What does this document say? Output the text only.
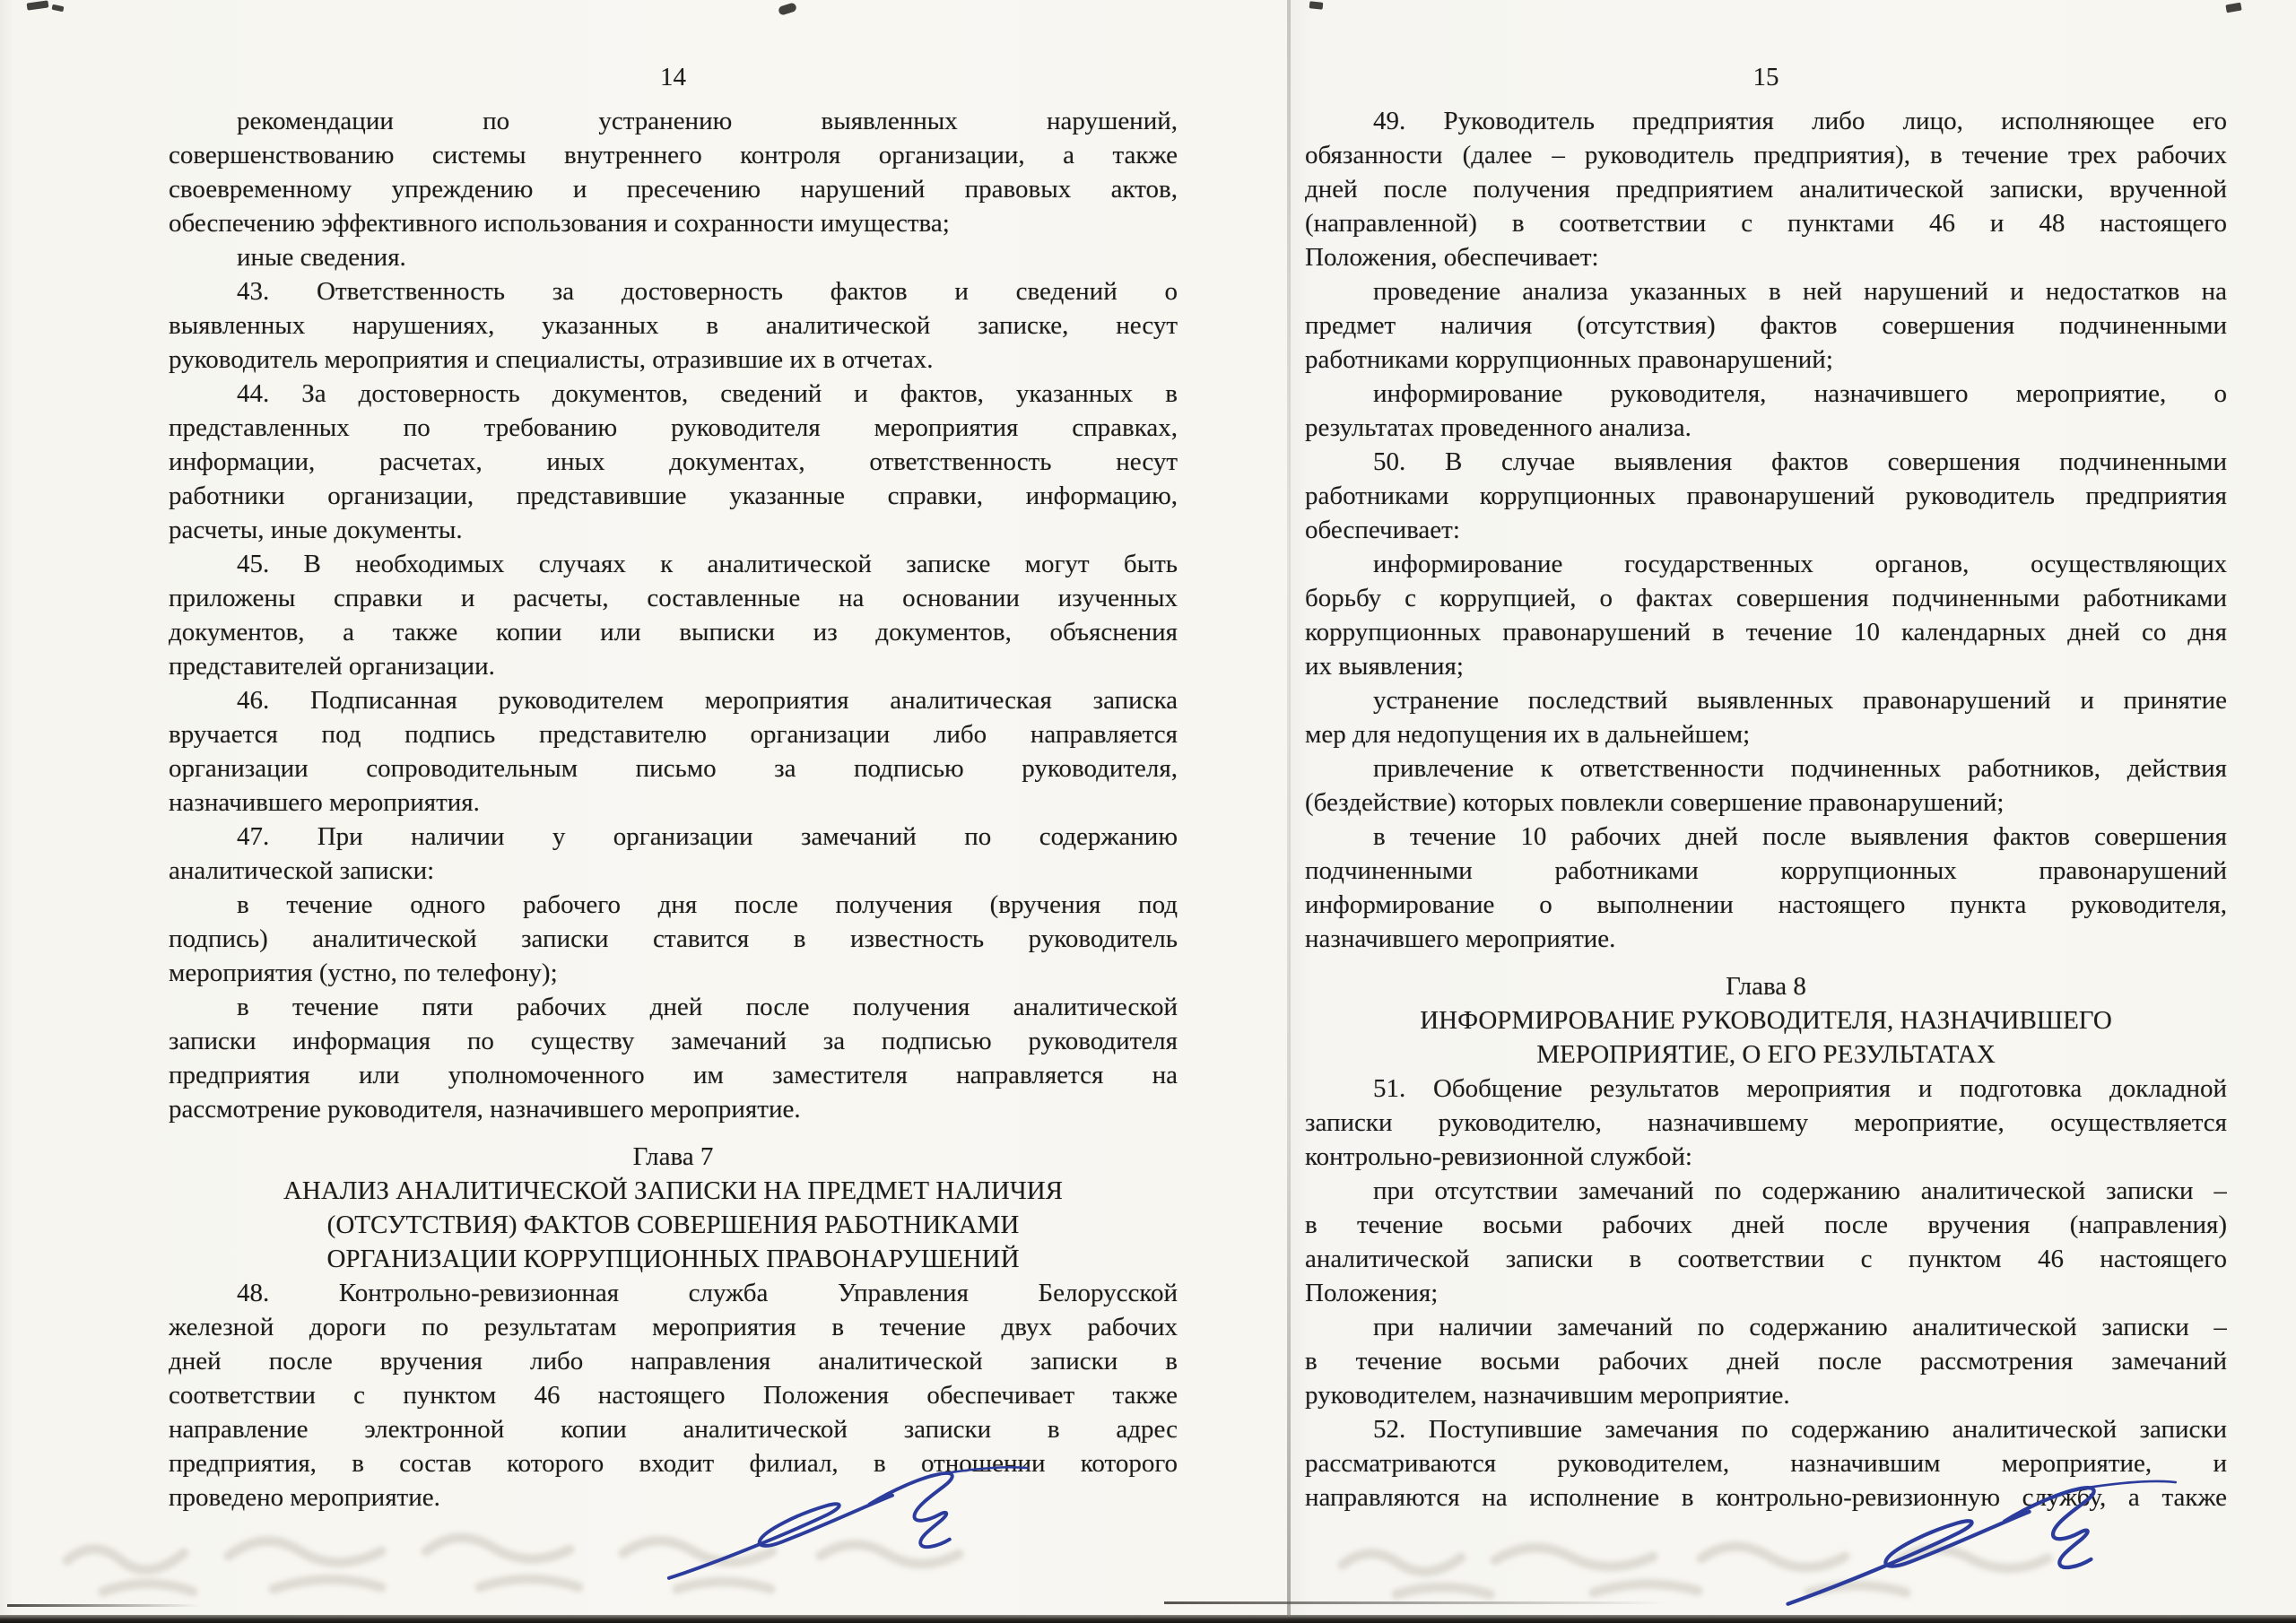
14
рекомендации по устранению выявленных нарушений,
совершенствованию системы внутреннего контроля организации, а также
своевременному упреждению и пресечению нарушений правовых актов,
обеспечению эффективного использования и сохранности имущества;
иные сведения.
43. Ответственность за достоверность фактов и сведений о
выявленных нарушениях, указанных в аналитической записке, несут
руководитель мероприятия и специалисты, отразившие их в отчетах.
44. За достоверность документов, сведений и фактов, указанных в
представленных по требованию руководителя мероприятия справках,
информации, расчетах, иных документах, ответственность несут
работники организации, представившие указанные справки, информацию,
расчеты, иные документы.
45. В необходимых случаях к аналитической записке могут быть
приложены справки и расчеты, составленные на основании изученных
документов, а также копии или выписки из документов, объяснения
представителей организации.
46. Подписанная руководителем мероприятия аналитическая записка
вручается под подпись представителю организации либо направляется
организации сопроводительным письмо за подписью руководителя,
назначившего мероприятия.
47. При наличии у организации замечаний по содержанию
аналитической записки:
в течение одного рабочего дня после получения (вручения под
подпись) аналитической записки ставится в известность руководитель
мероприятия (устно, по телефону);
в течение пяти рабочих дней после получения аналитической
записки информация по существу замечаний за подписью руководителя
предприятия или уполномоченного им заместителя направляется на
рассмотрение руководителя, назначившего мероприятие.
Глава 7
АНАЛИЗ АНАЛИТИЧЕСКОЙ ЗАПИСКИ НА ПРЕДМЕТ НАЛИЧИЯ
(ОТСУТСТВИЯ) ФАКТОВ СОВЕРШЕНИЯ РАБОТНИКАМИ
ОРГАНИЗАЦИИ КОРРУПЦИОННЫХ ПРАВОНАРУШЕНИЙ
48. Контрольно-ревизионная служба Управления Белорусской
железной дороги по результатам мероприятия в течение двух рабочих
дней после вручения либо направления аналитической записки в
соответствии с пунктом 46 настоящего Положения обеспечивает также
направление электронной копии аналитической записки в адрес
предприятия, в состав которого входит филиал, в отношении которого
проведено мероприятие.
15
49. Руководитель предприятия либо лицо, исполняющее его
обязанности (далее – руководитель предприятия), в течение трех рабочих
дней после получения предприятием аналитической записки, врученной
(направленной) в соответствии с пунктами 46 и 48 настоящего
Положения, обеспечивает:
проведение анализа указанных в ней нарушений и недостатков на
предмет наличия (отсутствия) фактов совершения подчиненными
работниками коррупционных правонарушений;
информирование руководителя, назначившего мероприятие, о
результатах проведенного анализа.
50. В случае выявления фактов совершения подчиненными
работниками коррупционных правонарушений руководитель предприятия
обеспечивает:
информирование государственных органов, осуществляющих
борьбу с коррупцией, о фактах совершения подчиненными работниками
коррупционных правонарушений в течение 10 календарных дней со дня
их выявления;
устранение последствий выявленных правонарушений и принятие
мер для недопущения их в дальнейшем;
привлечение к ответственности подчиненных работников, действия
(бездействие) которых повлекли совершение правонарушений;
в течение 10 рабочих дней после выявления фактов совершения
подчиненными работниками коррупционных правонарушений
информирование о выполнении настоящего пункта руководителя,
назначившего мероприятие.
Глава 8
ИНФОРМИРОВАНИЕ РУКОВОДИТЕЛЯ, НАЗНАЧИВШЕГО
МЕРОПРИЯТИЕ, О ЕГО РЕЗУЛЬТАТАХ
51. Обобщение результатов мероприятия и подготовка докладной
записки руководителю, назначившему мероприятие, осуществляется
контрольно-ревизионной службой:
при отсутствии замечаний по содержанию аналитической записки –
в течение восьми рабочих дней после вручения (направления)
аналитической записки в соответствии с пунктом 46 настоящего
Положения;
при наличии замечаний по содержанию аналитической записки –
в течение восьми рабочих дней после рассмотрения замечаний
руководителем, назначившим мероприятие.
52. Поступившие замечания по содержанию аналитической записки
рассматриваются руководителем, назначившим мероприятие, и
направляются на исполнение в контрольно-ревизионную службу, а также
